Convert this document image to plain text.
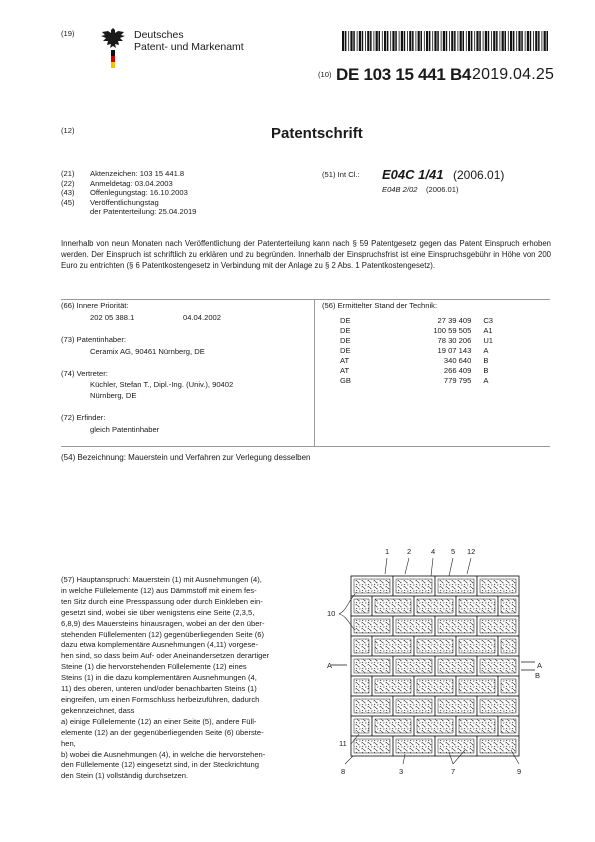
(19)	Deutsches
Patent- und Markenamt
(10) DE 103 15 441 B4 2019.04.25
(12)	Patentschrift
(21)	Aktenzeichen: 103 15 441.8
(22)	Anmeldetag: 03.04.2003
(43)	Offenlegungstag: 16.10.2003
(45)	Veröffentlichungstag
der Patenterteilung: 25.04.2019
(51) Int Cl.: E04C 1/41 (2006.01)
E04B 2/02 (2006.01)
Innerhalb von neun Monaten nach Veröffentlichung der Patenterteilung kann nach § 59 Patentgesetz gegen das Patent Einspruch erhoben werden. Der Einspruch ist schriftlich zu erklären und zu begründen. Innerhalb der Einspruchsfrist ist eine Einspruchsgebühr in Höhe von 200 Euro zu entrichten (§ 6 Patentkostengesetz in Verbindung mit der Anlage zu § 2 Abs. 1 Patentkostengesetz).
(66) Innere Priorität:
202 05 388.1	04.04.2002
(73) Patentinhaber:
Ceramix AG, 90461 Nürnberg, DE
(74) Vertreter:
Küchler, Stefan T., Dipl.-Ing. (Univ.), 90402
Nürnberg, DE
(72) Erfinder:
gleich Patentinhaber
(56) Ermittelter Stand der Technik:
DE	27 39 409	C3
DE	100 59 505	A1
DE	78 30 206	U1
DE	19 07 143	A
AT	340 640	B
AT	266 409	B
GB	779 795	A
(54) Bezeichnung: Mauerstein und Verfahren zur Verlegung desselben
(57) Hauptanspruch: Mauerstein (1) mit Ausnehmungen (4),
in welche Füllelemente (12) aus Dämmstoff mit einem fes-
ten Sitz durch eine Presspassung oder durch Einkleben ein-
gesetzt sind, wobei sie über wenigstens eine Seite (2,3,5,
6,8,9) des Mauersteins hinausragen, wobei an der den über-
stehenden Füllelementen (12) gegenüberliegenden Seite (6)
dazu etwa komplementäre Ausnehmungen (4,11) vorgese-
hen sind, so dass beim Auf- oder Aneinandersetzen derartiger
Steine (1) die hervorstehenden Füllelemente (12) eines
Steins (1) in die dazu komplementären Ausnehmungen (4,
11) des oberen, unteren und/oder benachbarten Steins (1)
eingreifen, um einen Formschluss herbeizuführen, dadurch
gekennzeichnet, dass
a) einige Füllelemente (12) an einer Seite (5), andere Füll-
elemente (12) an der gegenüberliegenden Seite (6) überste-
hen,
b) wobei die Ausnehmungen (4), in welche die hervorstehen-
den Füllelemente (12) eingesetzt sind, in der Steckrichtung
den Stein (1) vollständig durchsetzen.
1 2	4 5 12
10
A
11
A
B
8	3	7	9
